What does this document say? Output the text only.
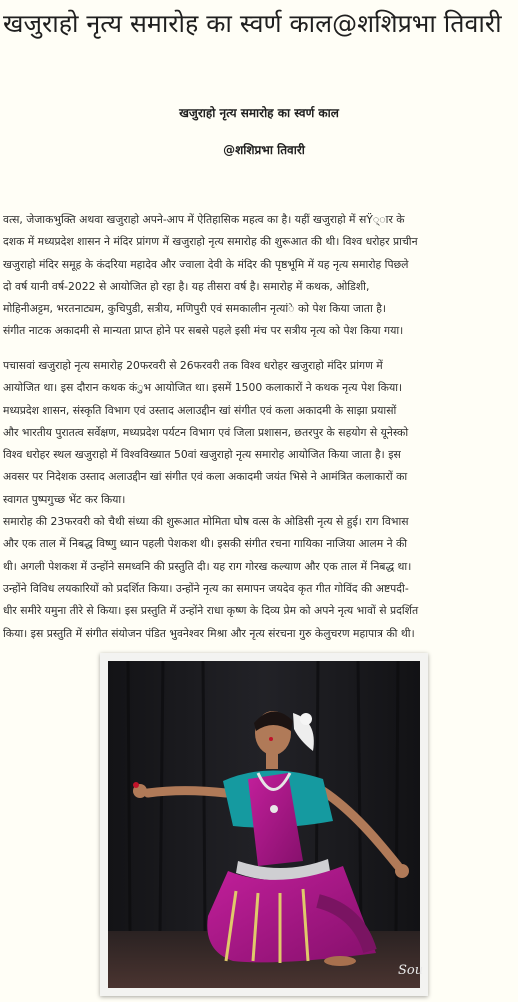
खजुराहो नृत्य समारोह का स्वर्ण काल@शशिप्रभा तिवारी

खजुराहो नृत्य समारोह का स्वर्ण काल

@शशिप्रभा तिवारी

वत्स, जेजाकभुक्ति अथवा खजुराहो अपने-आप में ऐतिहासिक महत्व का है। यहीं खजुराहो में सŸ्ार के
दशक में मध्यप्रदेश शासन ने मंदिर प्रांगण में खजुराहो नृत्य समारोह की शुरूआत की थी। विश्व धरोहर प्राचीन
खजुराहो मंदिर समूह के कंदरिया महादेव और ज्वाला देवी के मंदिर की पृष्ठभूमि में यह नृत्य समारोह पिछले
दो वर्ष यानी वर्ष-2022 से आयोजित हो रहा है। यह तीसरा वर्ष है। समारोह में कथक, ओडिशी,
मोहिनीअट्टम, भरतनाट्यम, कुचिपुडी, सत्रीय, मणिपुरी एवं समकालीन नृत्यांे को पेश किया जाता है।
संगीत नाटक अकादमी से मान्यता प्राप्त होने पर सबसे पहले इसी मंच पर सत्रीय नृत्य को पेश किया गया।
पचासवां खजुराहो नृत्य समारोह 20फरवरी से 26फरवरी तक विश्व धरोहर खजुराहो मंदिर प्रांगण में
आयोजित था। इस दौरान कथक कंुभ आयोजित था। इसमें 1500 कलाकारों ने कथक नृत्य पेश किया।
मध्यप्रदेश शासन, संस्कृति विभाग एवं उस्ताद अलाउद्दीन खां संगीत एवं कला अकादमी के साझा प्रयासों
और भारतीय पुरातत्व सर्वेक्षण, मध्यप्रदेश पर्यटन विभाग एवं जिला प्रशासन, छतरपुर के सहयोग से यूनेस्को
विश्व धरोहर स्थल खजुराहो में विश्वविख्यात 50वां खजुराहो नृत्य समारोह आयोजित किया जाता है। इस
अवसर पर निदेशक उस्ताद अलाउद्दीन खां संगीत एवं कला अकादमी जयंत भिसे ने आमंत्रित कलाकारों का
स्वागत पुष्पगुच्छ भेंट कर किया।
समारोह की 23फरवरी को चैथी संध्या की शुरूआत मोमिता घोष वत्स के ओडिसी नृत्य से हुई। राग विभास
और एक ताल में निबद्ध विष्णु ध्यान पहली पेशकश थी। इसकी संगीत रचना गायिका नाजिया आलम ने की
थी। अगली पेशकश में उन्होंने समध्वनि की प्रस्तुति दी। यह राग गोरख कल्याण और एक ताल में निबद्ध था।
उन्होंने विविध लयकारियों को प्रदर्शित किया। उन्होंने नृत्य का समापन जयदेव कृत गीत गोविंद की अष्टपदी-
धीर समीरे यमुना तीरे से किया। इस प्रस्तुति में उन्होंने राधा कृष्ण के दिव्य प्रेम को अपने नृत्य भावों से प्रदर्शित
किया। इस प्रस्तुति में संगीत संयोजन पंडित भुवनेश्वर मिश्रा और नृत्य संरचना गुरु केलुचरण महापात्र की थी।
Sou
